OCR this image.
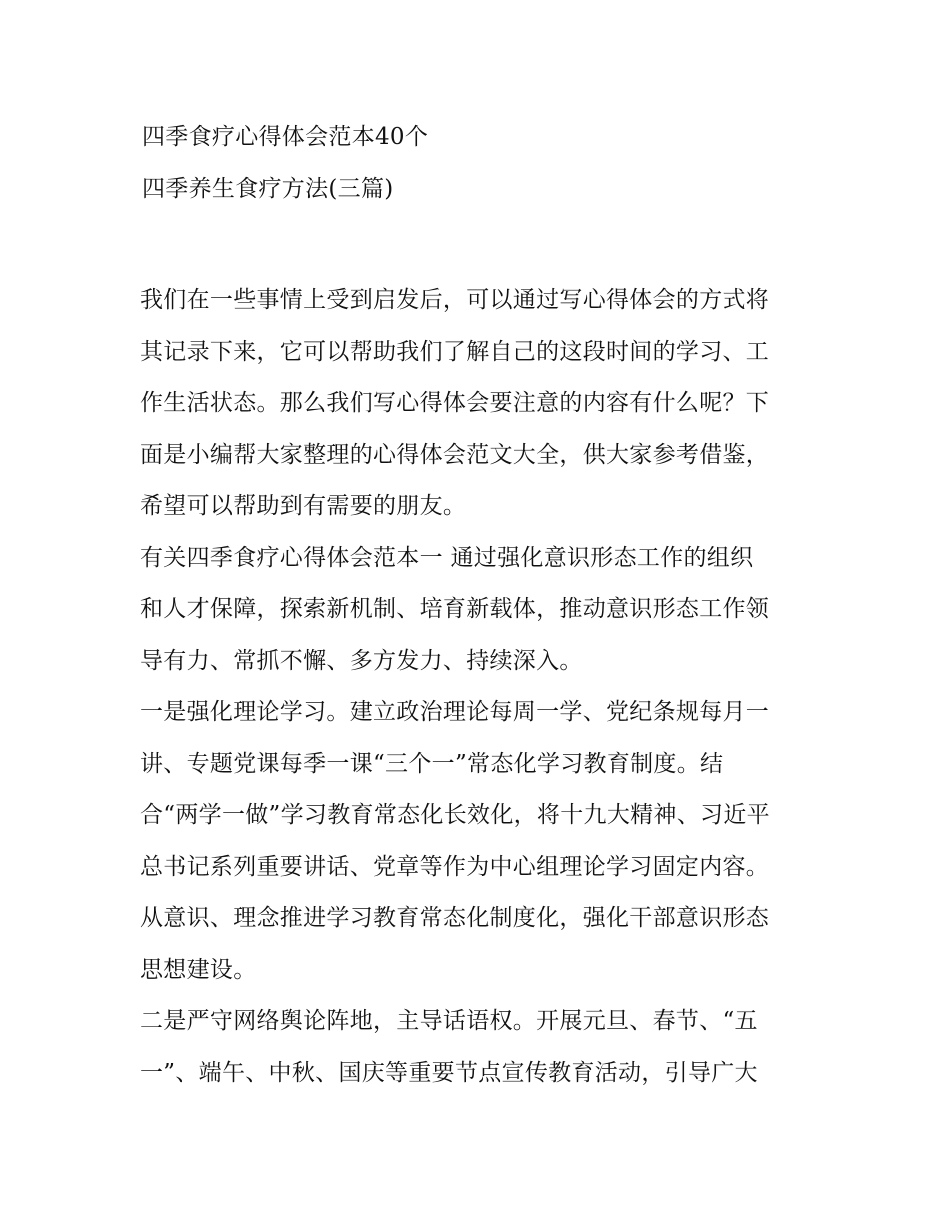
四季食疗心得体会范本40个
四季养生食疗方法(三篇)
我们在一些事情上受到启发后，可以通过写心得体会的方式将
其记录下来，它可以帮助我们了解自己的这段时间的学习、工
作生活状态。那么我们写心得体会要注意的内容有什么呢？下
面是小编帮大家整理的心得体会范文大全，供大家参考借鉴，
希望可以帮助到有需要的朋友。
有关四季食疗心得体会范本一 通过强化意识形态工作的组织
和人才保障，探索新机制、培育新载体，推动意识形态工作领
导有力、常抓不懈、多方发力、持续深入。
一是强化理论学习。建立政治理论每周一学、党纪条规每月一
讲、专题党课每季一课“三个一”常态化学习教育制度。结
合“两学一做”学习教育常态化长效化，将十九大精神、习近平
总书记系列重要讲话、党章等作为中心组理论学习固定内容。
从意识、理念推进学习教育常态化制度化，强化干部意识形态
思想建设。
二是严守网络舆论阵地，主导话语权。开展元旦、春节、“五
一”、端午、中秋、国庆等重要节点宣传教育活动，引导广大
